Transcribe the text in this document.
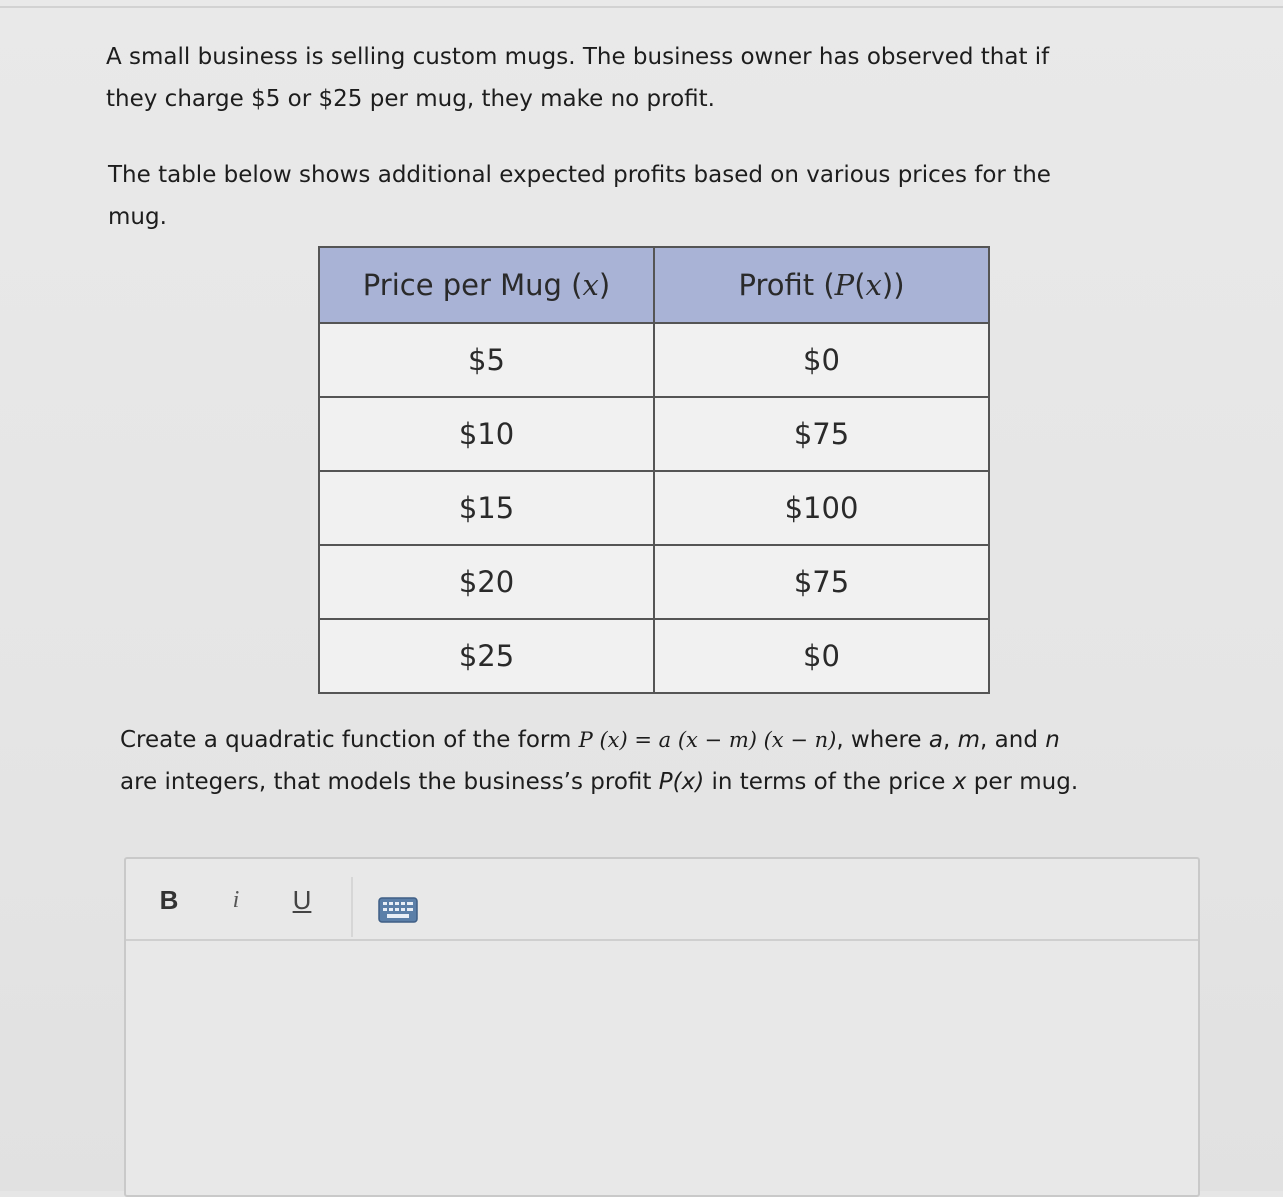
A small business is selling custom mugs. The business owner has observed that if
they charge $5 or $25 per mug, they make no profit.
The table below shows additional expected profits based on various prices for the
mug.
Price per Mug (x)	Profit (P(x))
$5	$0
$10	$75
$15	$100
$20	$75
$25	$0
Create a quadratic function of the form P (x) = a (x − m) (x − n), where a, m, and n
are integers, that models the business’s profit P(x) in terms of the price x per mug.
B i U
